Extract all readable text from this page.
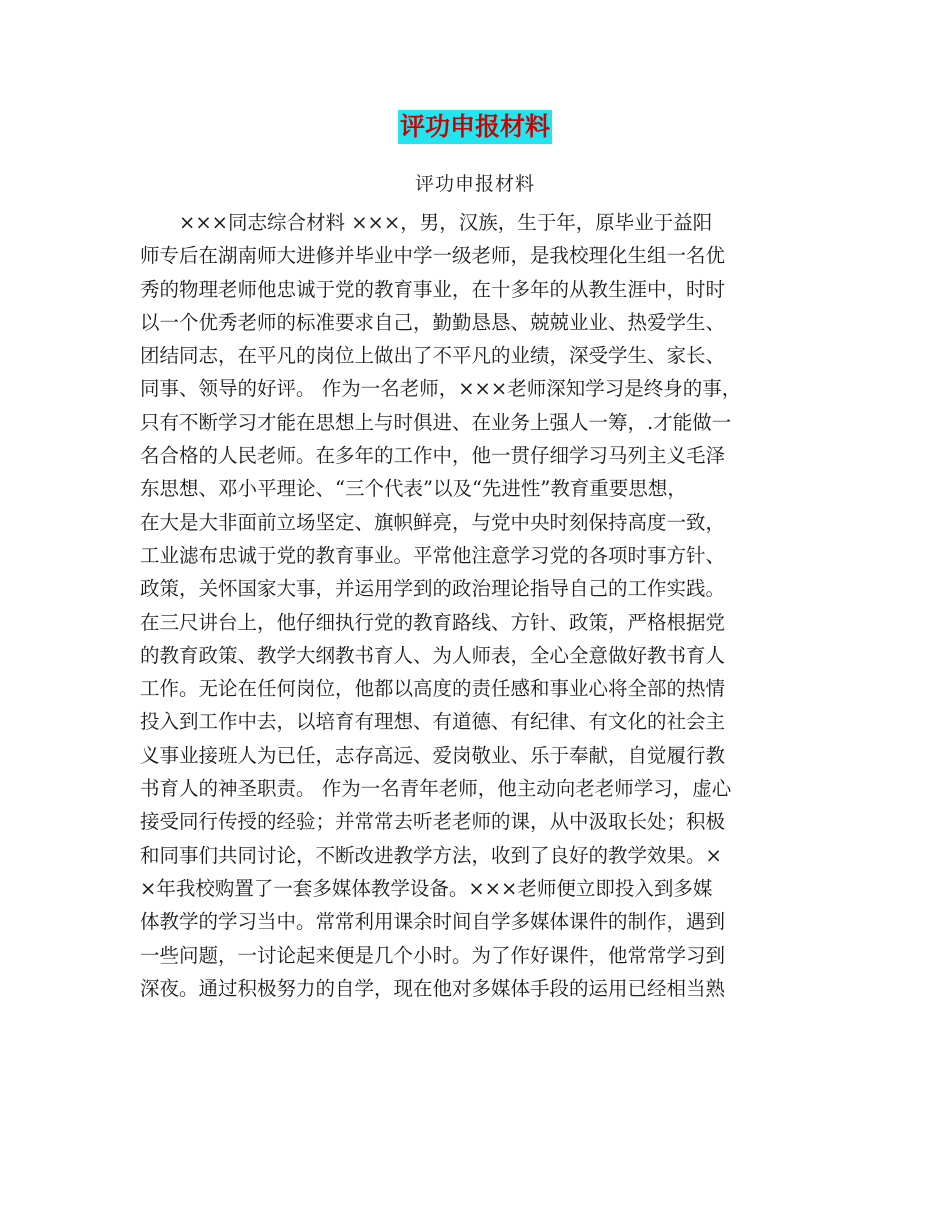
评功申报材料
评功申报材料
　　×××同志综合材料 ×××，男，汉族，生于年，原毕业于益阳
师专后在湖南师大进修并毕业中学一级老师，是我校理化生组一名优
秀的物理老师他忠诚于党的教育事业，在十多年的从教生涯中，时时
以一个优秀老师的标准要求自己，勤勤恳恳、兢兢业业、热爱学生、
团结同志，在平凡的岗位上做出了不平凡的业绩，深受学生、家长、
同事、领导的好评。 作为一名老师，×××老师深知学习是终身的事，
只有不断学习才能在思想上与时俱进、在业务上强人一筹，.才能做一
名合格的人民老师。在多年的工作中，他一贯仔细学习马列主义毛泽
东思想、邓小平理论、“三个代表”以及“先进性”教育重要思想，
在大是大非面前立场坚定、旗帜鲜亮，与党中央时刻保持高度一致，
工业滤布忠诚于党的教育事业。平常他注意学习党的各项时事方针、
政策，关怀国家大事，并运用学到的政治理论指导自己的工作实践。
在三尺讲台上，他仔细执行党的教育路线、方针、政策，严格根据党
的教育政策、教学大纲教书育人、为人师表，全心全意做好教书育人
工作。无论在任何岗位，他都以高度的责任感和事业心将全部的热情
投入到工作中去，以培育有理想、有道德、有纪律、有文化的社会主
义事业接班人为已任，志存高远、爱岗敬业、乐于奉献，自觉履行教
书育人的神圣职责。 作为一名青年老师，他主动向老老师学习，虚心
接受同行传授的经验；并常常去听老老师的课，从中汲取长处；积极
和同事们共同讨论，不断改进教学方法，收到了良好的教学效果。×
×年我校购置了一套多媒体教学设备。×××老师便立即投入到多媒
体教学的学习当中。常常利用课余时间自学多媒体课件的制作，遇到
一些问题，一讨论起来便是几个小时。为了作好课件，他常常学习到
深夜。通过积极努力的自学，现在他对多媒体手段的运用已经相当熟
